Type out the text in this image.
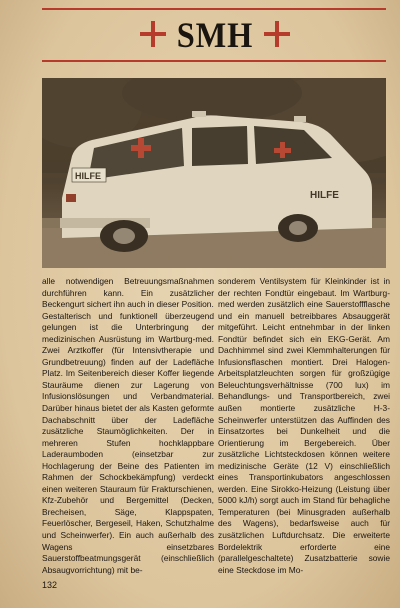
SMH
HILFE
HILFE

alle notwendigen Betreuungsmaßnahmen durchführen kann. Ein zusätzlicher Beckengurt sichert ihn auch in dieser Position.

Gestalterisch und funktionell überzeugend gelungen ist die Unterbringung der medizinischen Ausrüstung im Wartburg-med. Zwei Arztkoffer (für Intensivtherapie und Grundbetreuung) finden auf der Ladefläche Platz. Im Seitenbereich dieser Koffer liegende Stauräume dienen zur Lagerung von Infusionslösungen und Verbandmaterial. Darüber hinaus bietet der als Kasten geformte Dachabschnitt über der Ladefläche zusätzliche Staumöglichkeiten. Der in mehreren Stufen hochklappbare Laderaumboden (einsetzbar zur Hochlagerung der Beine des Patienten im Rahmen der Schockbekämpfung) verdeckt einen weiteren Stauraum für Frakturschienen, Kfz-Zubehör und Bergemittel (Decken, Brecheisen, Säge, Klappspaten, Feuerlöscher, Bergeseil, Haken, Schutzhalme und Scheinwerfer). Ein auch außerhalb des Wagens einsetzbares Sauerstoffbeatmungsgerät (einschließlich Absaugvorrichtung) mit be-

sonderem Ventilsystem für Kleinkinder ist in der rechten Fondtür eingebaut. Im Wartburg-med werden zusätzlich eine Sauerstoffflasche und ein manuell betreibbares Absauggerät mitgeführt. Leicht entnehmbar in der linken Fondtür befindet sich ein EKG-Gerät. Am Dachhimmel sind zwei Klemmhalterungen für Infusionsflaschen montiert. Drei Halogen-Arbeitsplatzleuchten sorgen für großzügige Beleuchtungsverhältnisse (700 lux) im Behandlungs- und Transportbereich, zwei außen montierte zusätzliche H-3-Scheinwerfer unterstützen das Auffinden des Einsatzortes bei Dunkelheit und die Orientierung im Bergebereich. Über zusätzliche Lichtsteckdosen können weitere medizinische Geräte (12 V) einschließlich eines Transportinkubators angeschlossen werden. Eine Sirokko-Heizung (Leistung über 5000 kJ/h) sorgt auch im Stand für behagliche Temperaturen (bei Minusgraden außerhalb des Wagens), bedarfsweise auch für zusätzlichen Luftdurchsatz. Die erweiterte Bordelektrik erforderte eine (parallelgeschaltete) Zusatzbatterie sowie eine Steckdose im Mo-

132
